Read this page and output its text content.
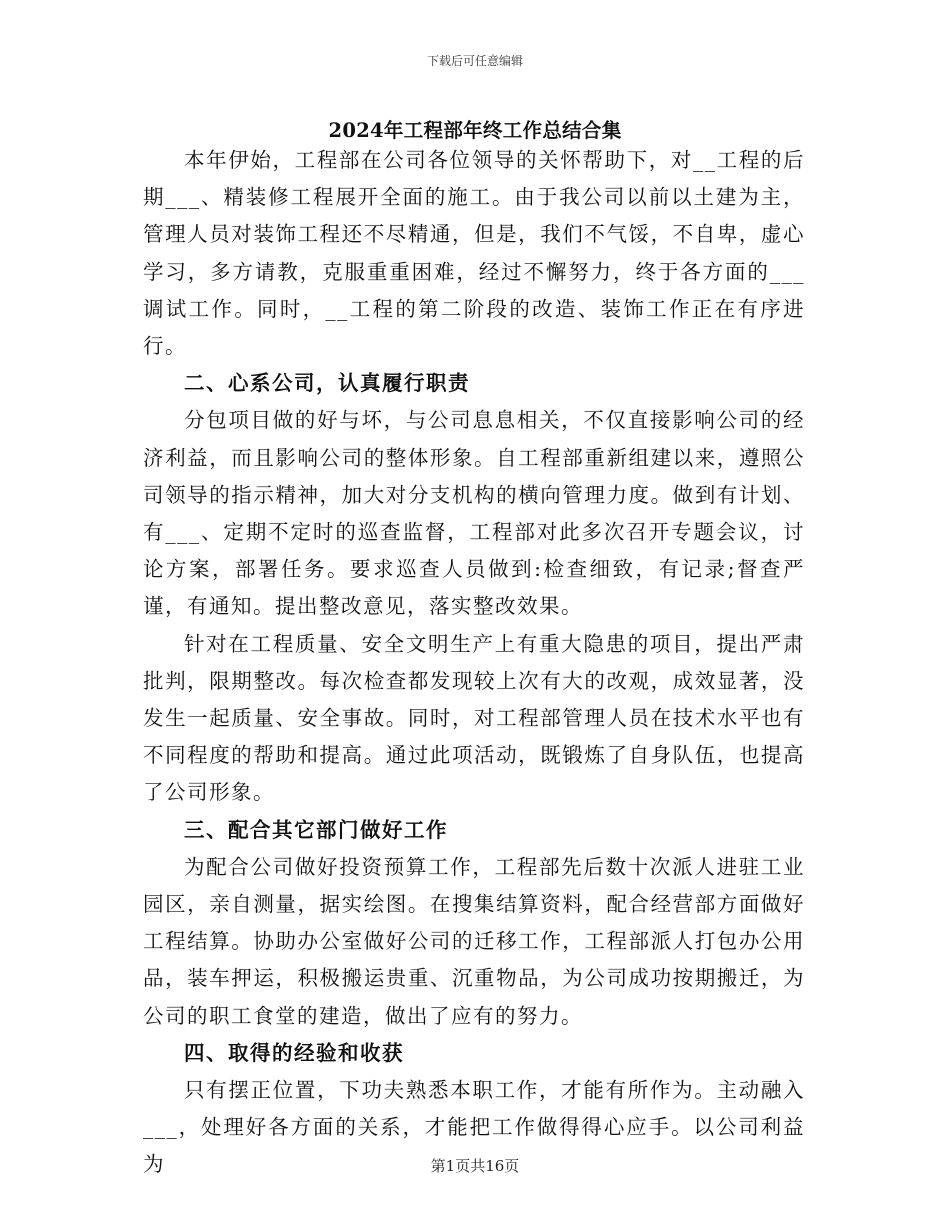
下载后可任意编辑
2024年工程部年终工作总结合集

本年伊始，工程部在公司各位领导的关怀帮助下，对__工程的后期___、精装修工程展开全面的施工。由于我公司以前以土建为主，管理人员对装饰工程还不尽精通，但是，我们不气馁，不自卑，虚心学习，多方请教，克服重重困难，经过不懈努力，终于各方面的___调试工作。同时，__工程的第二阶段的改造、装饰工作正在有序进行。

二、心系公司，认真履行职责

分包项目做的好与坏，与公司息息相关，不仅直接影响公司的经济利益，而且影响公司的整体形象。自工程部重新组建以来，遵照公司领导的指示精神，加大对分支机构的横向管理力度。做到有计划、有___、定期不定时的巡查监督，工程部对此多次召开专题会议，讨论方案，部署任务。要求巡查人员做到:检查细致，有记录;督查严谨，有通知。提出整改意见，落实整改效果。

针对在工程质量、安全文明生产上有重大隐患的项目，提出严肃批判，限期整改。每次检查都发现较上次有大的改观，成效显著，没发生一起质量、安全事故。同时，对工程部管理人员在技术水平也有不同程度的帮助和提高。通过此项活动，既锻炼了自身队伍，也提高了公司形象。

三、配合其它部门做好工作

为配合公司做好投资预算工作，工程部先后数十次派人进驻工业园区，亲自测量，据实绘图。在搜集结算资料，配合经营部方面做好工程结算。协助办公室做好公司的迁移工作，工程部派人打包办公用品，装车押运，积极搬运贵重、沉重物品，为公司成功按期搬迁，为公司的职工食堂的建造，做出了应有的努力。

四、取得的经验和收获

只有摆正位置，下功夫熟悉本职工作，才能有所作为。主动融入___，处理好各方面的关系，才能把工作做得得心应手。以公司利益为	第1页共16页
